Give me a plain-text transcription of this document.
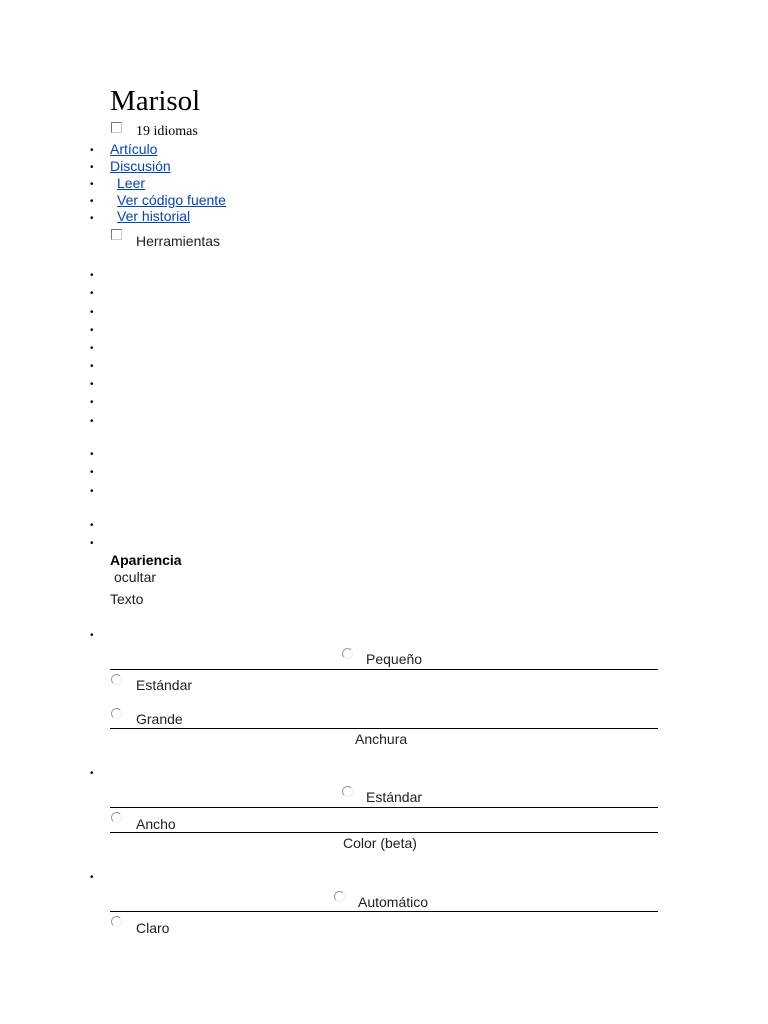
Marisol
19 idiomas
• Artículo
• Discusión
• Leer
• Ver código fuente
• Ver historial
Herramientas
•
•
•
•
•
•
•
•
•
•
•
•
•
•
Apariencia
ocultar
Texto
•
Pequeño
Estándar
Grande
Anchura
•
Estándar
Ancho
Color (beta)
•
Automático
Claro
